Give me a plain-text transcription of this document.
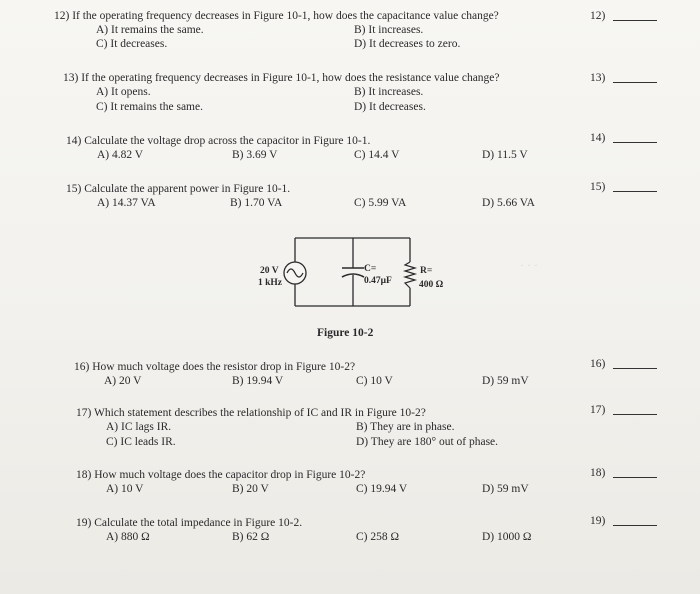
· · ·
12) If the operating frequency decreases in Figure 10-1, how does the capacitance value change?
A) It remains the same.	B) It increases.
C) It decreases.	D) It decreases to zero.
12)
13) If the operating frequency decreases in Figure 10-1, how does the resistance value change?
A) It opens.	B) It increases.
C) It remains the same.	D) It decreases.
13)
14) Calculate the voltage drop across the capacitor in Figure 10-1.
A) 4.82 V	B) 3.69 V	C) 14.4 V	D) 11.5 V
14)
15) Calculate the apparent power in Figure 10-1.
A) 14.37 VA	B) 1.70 VA	C) 5.99 VA	D) 5.66 VA
15)
20 V
1 kHz
C=
0.47μF
R=
400 Ω
Figure 10-2
16) How much voltage does the resistor drop in Figure 10-2?
A) 20 V	B) 19.94 V	C) 10 V	D) 59 mV
16)
17) Which statement describes the relationship of IC and IR in Figure 10-2?
A) IC lags IR.	B) They are in phase.
C) IC leads IR.	D) They are 180° out of phase.
17)
18) How much voltage does the capacitor drop in Figure 10-2?
A) 10 V	B) 20 V	C) 19.94 V	D) 59 mV
18)
19) Calculate the total impedance in Figure 10-2.
A) 880 Ω	B) 62 Ω	C) 258 Ω	D) 1000 Ω
19)
